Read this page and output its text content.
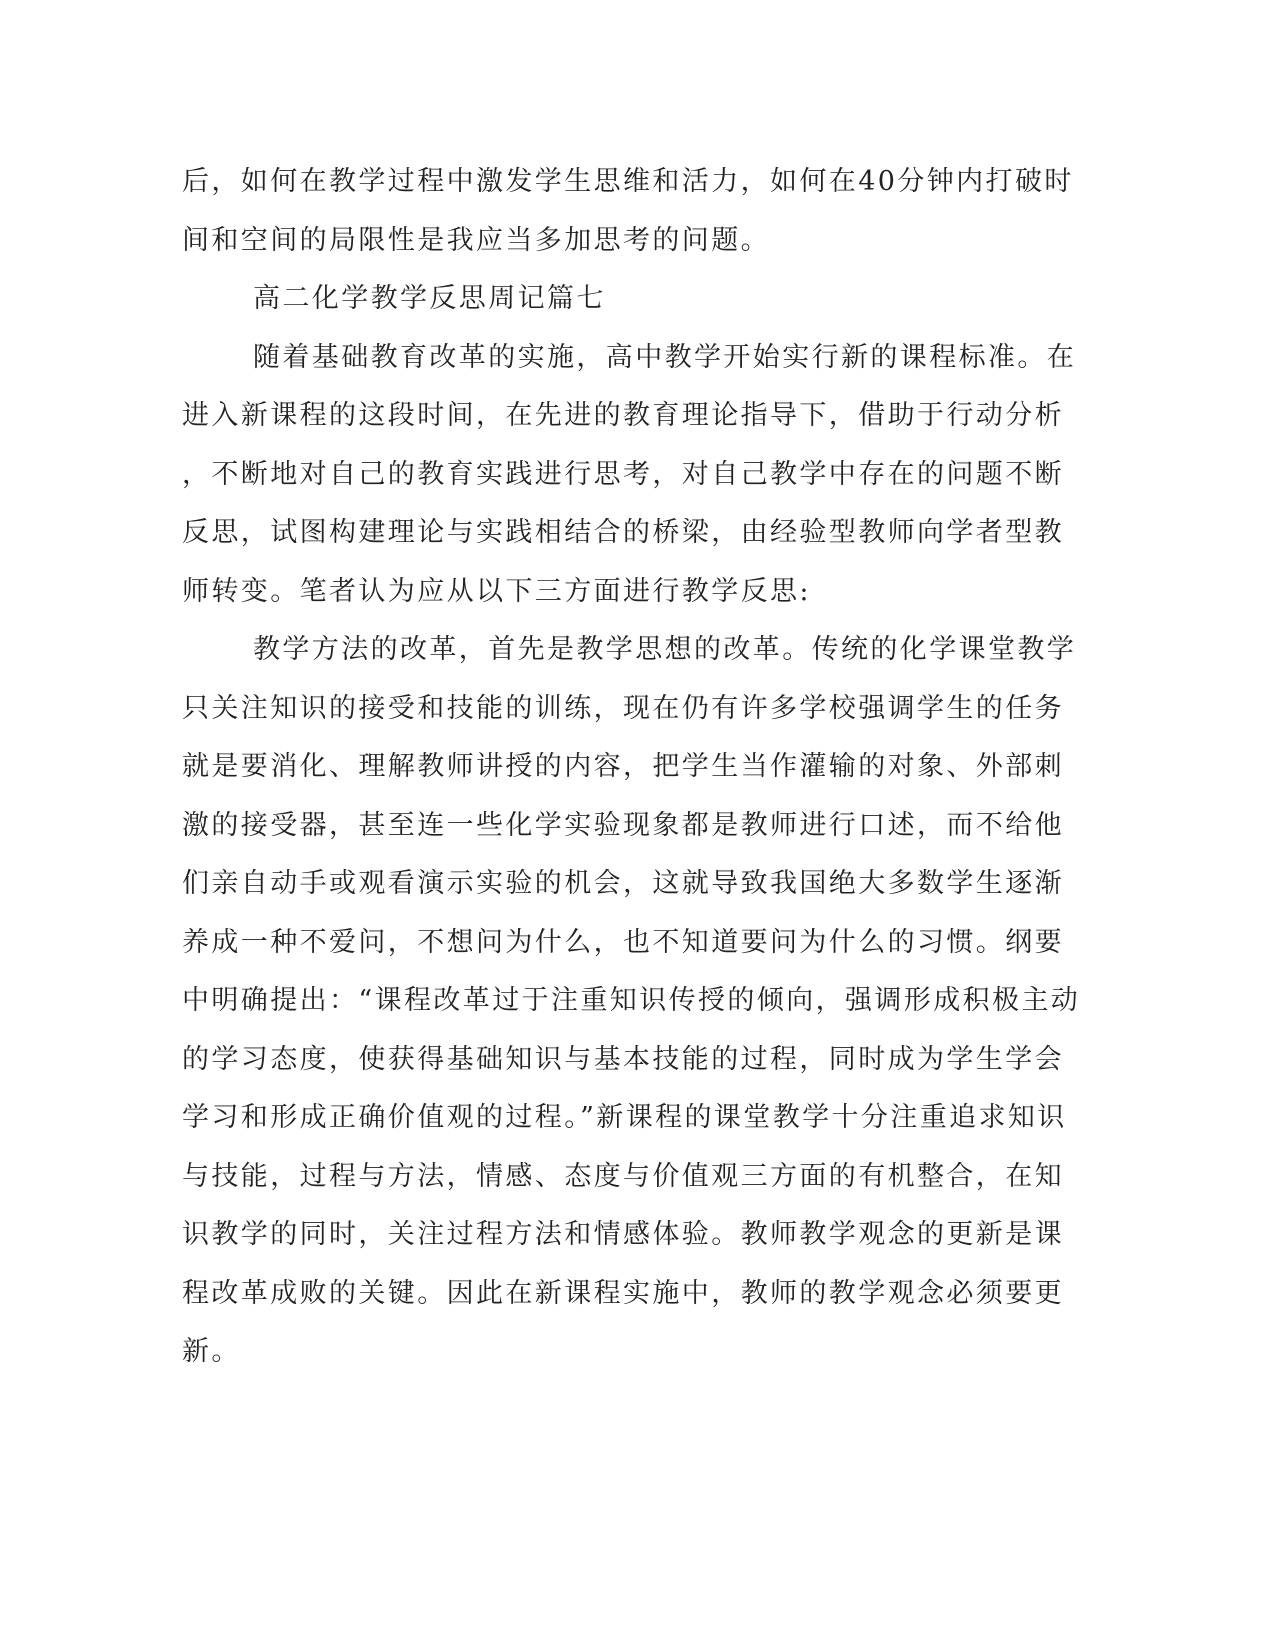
后，如何在教学过程中激发学生思维和活力，如何在40分钟内打破时
间和空间的局限性是我应当多加思考的问题。
高二化学教学反思周记篇七
随着基础教育改革的实施，高中教学开始实行新的课程标准。在
进入新课程的这段时间，在先进的教育理论指导下，借助于行动分析
，不断地对自己的教育实践进行思考，对自己教学中存在的问题不断
反思，试图构建理论与实践相结合的桥梁，由经验型教师向学者型教
师转变。笔者认为应从以下三方面进行教学反思:
教学方法的改革，首先是教学思想的改革。传统的化学课堂教学
只关注知识的接受和技能的训练，现在仍有许多学校强调学生的任务
就是要消化、理解教师讲授的内容，把学生当作灌输的对象、外部刺
激的接受器，甚至连一些化学实验现象都是教师进行口述，而不给他
们亲自动手或观看演示实验的机会，这就导致我国绝大多数学生逐渐
养成一种不爱问，不想问为什么，也不知道要问为什么的习惯。纲要
中明确提出：“课程改革过于注重知识传授的倾向，强调形成积极主动
的学习态度，使获得基础知识与基本技能的过程，同时成为学生学会
学习和形成正确价值观的过程。”新课程的课堂教学十分注重追求知识
与技能，过程与方法，情感、态度与价值观三方面的有机整合，在知
识教学的同时，关注过程方法和情感体验。教师教学观念的更新是课
程改革成败的关键。因此在新课程实施中，教师的教学观念必须要更
新。
